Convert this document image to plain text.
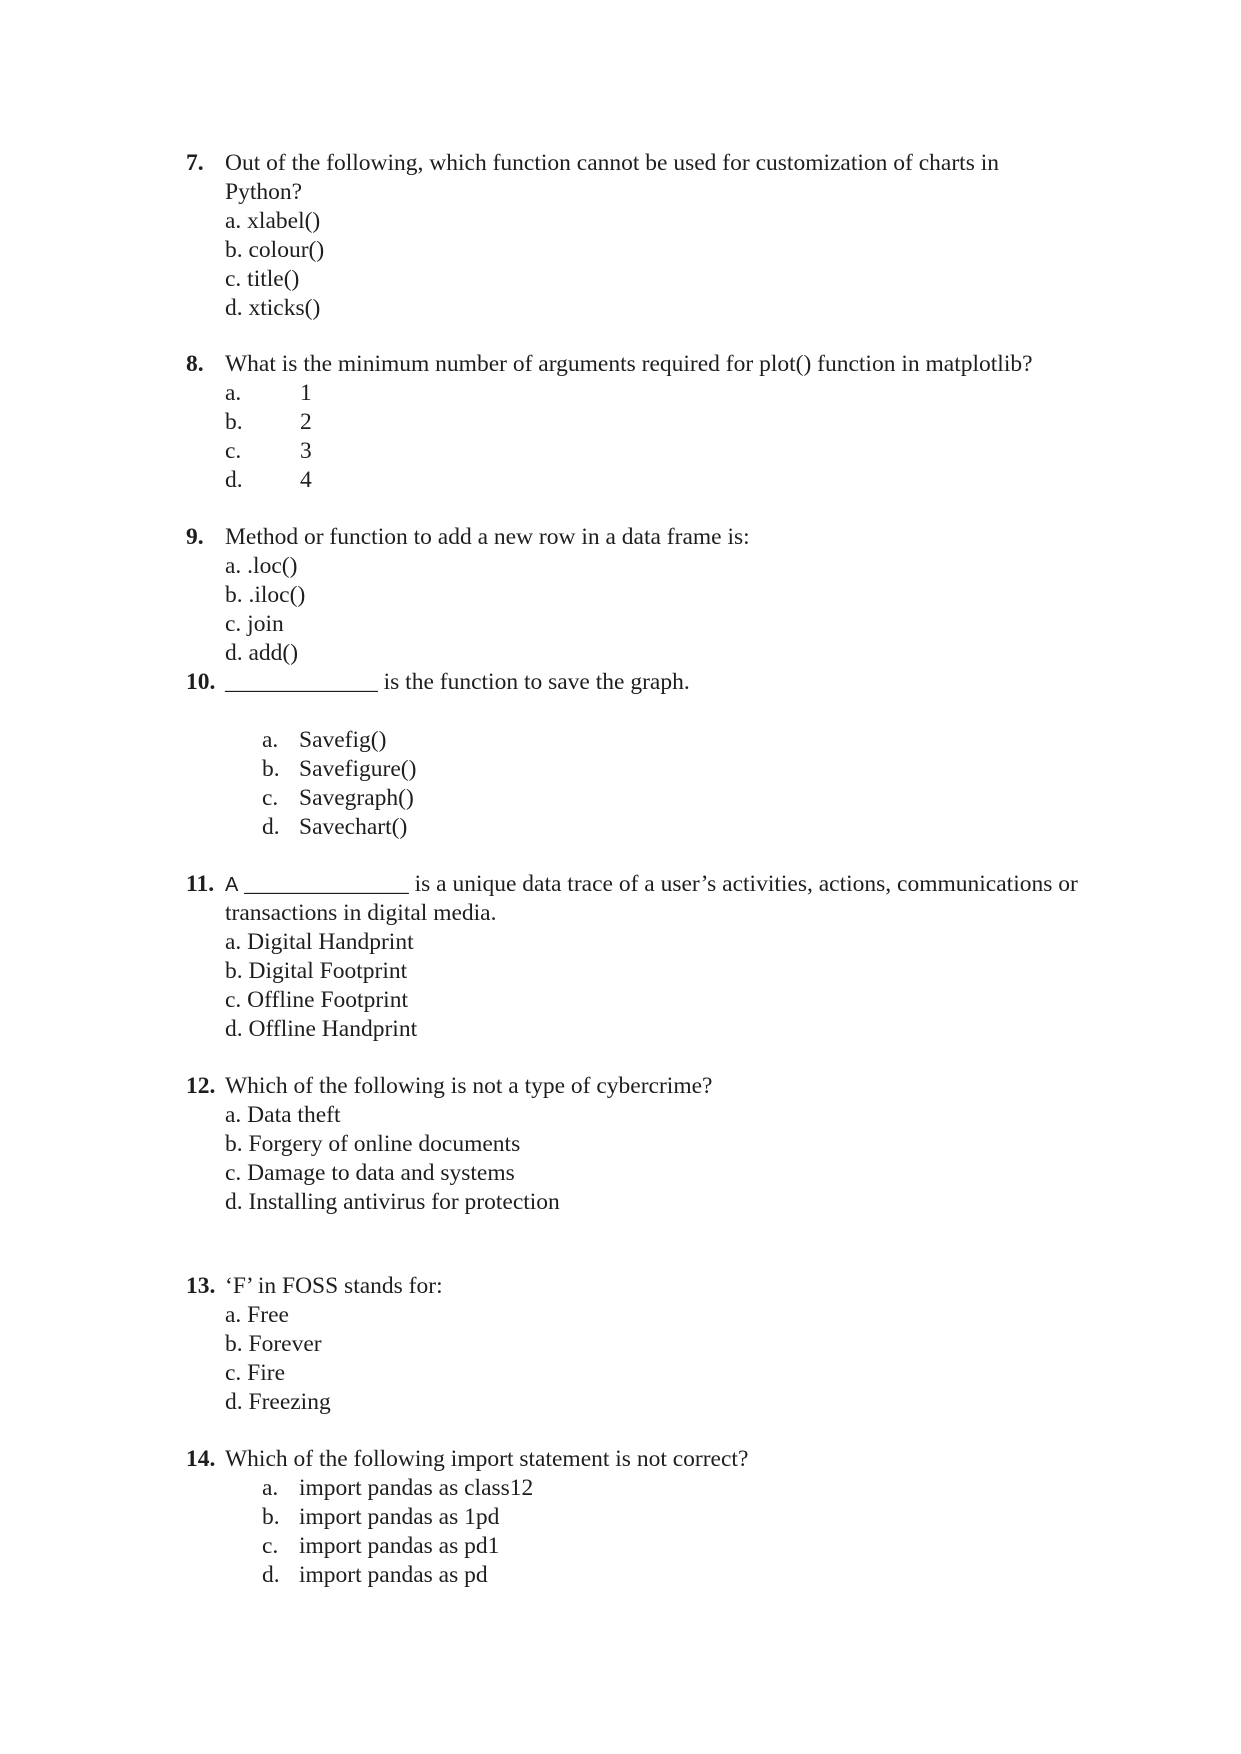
7. Out of the following, which function cannot be used for customization of charts in
Python?
a. xlabel()
b. colour()
c. title()
d. xticks()
8. What is the minimum number of arguments required for plot() function in matplotlib?
a. 1
b. 2
c. 3
d. 4
9. Method or function to add a new row in a data frame is:
a. .loc()
b. .iloc()
c. join
d. add()
10. _____________ is the function to save the graph.
a. Savefig()
b. Savefigure()
c. Savegraph()
d. Savechart()
11. A ______________ is a unique data trace of a user’s activities, actions, communications or
transactions in digital media.
a. Digital Handprint
b. Digital Footprint
c. Offline Footprint
d. Offline Handprint
12. Which of the following is not a type of cybercrime?
a. Data theft
b. Forgery of online documents
c. Damage to data and systems
d. Installing antivirus for protection
13. ‘F’ in FOSS stands for:
a. Free
b. Forever
c. Fire
d. Freezing
14. Which of the following import statement is not correct?
a. import pandas as class12
b. import pandas as 1pd
c. import pandas as pd1
d. import pandas as pd
